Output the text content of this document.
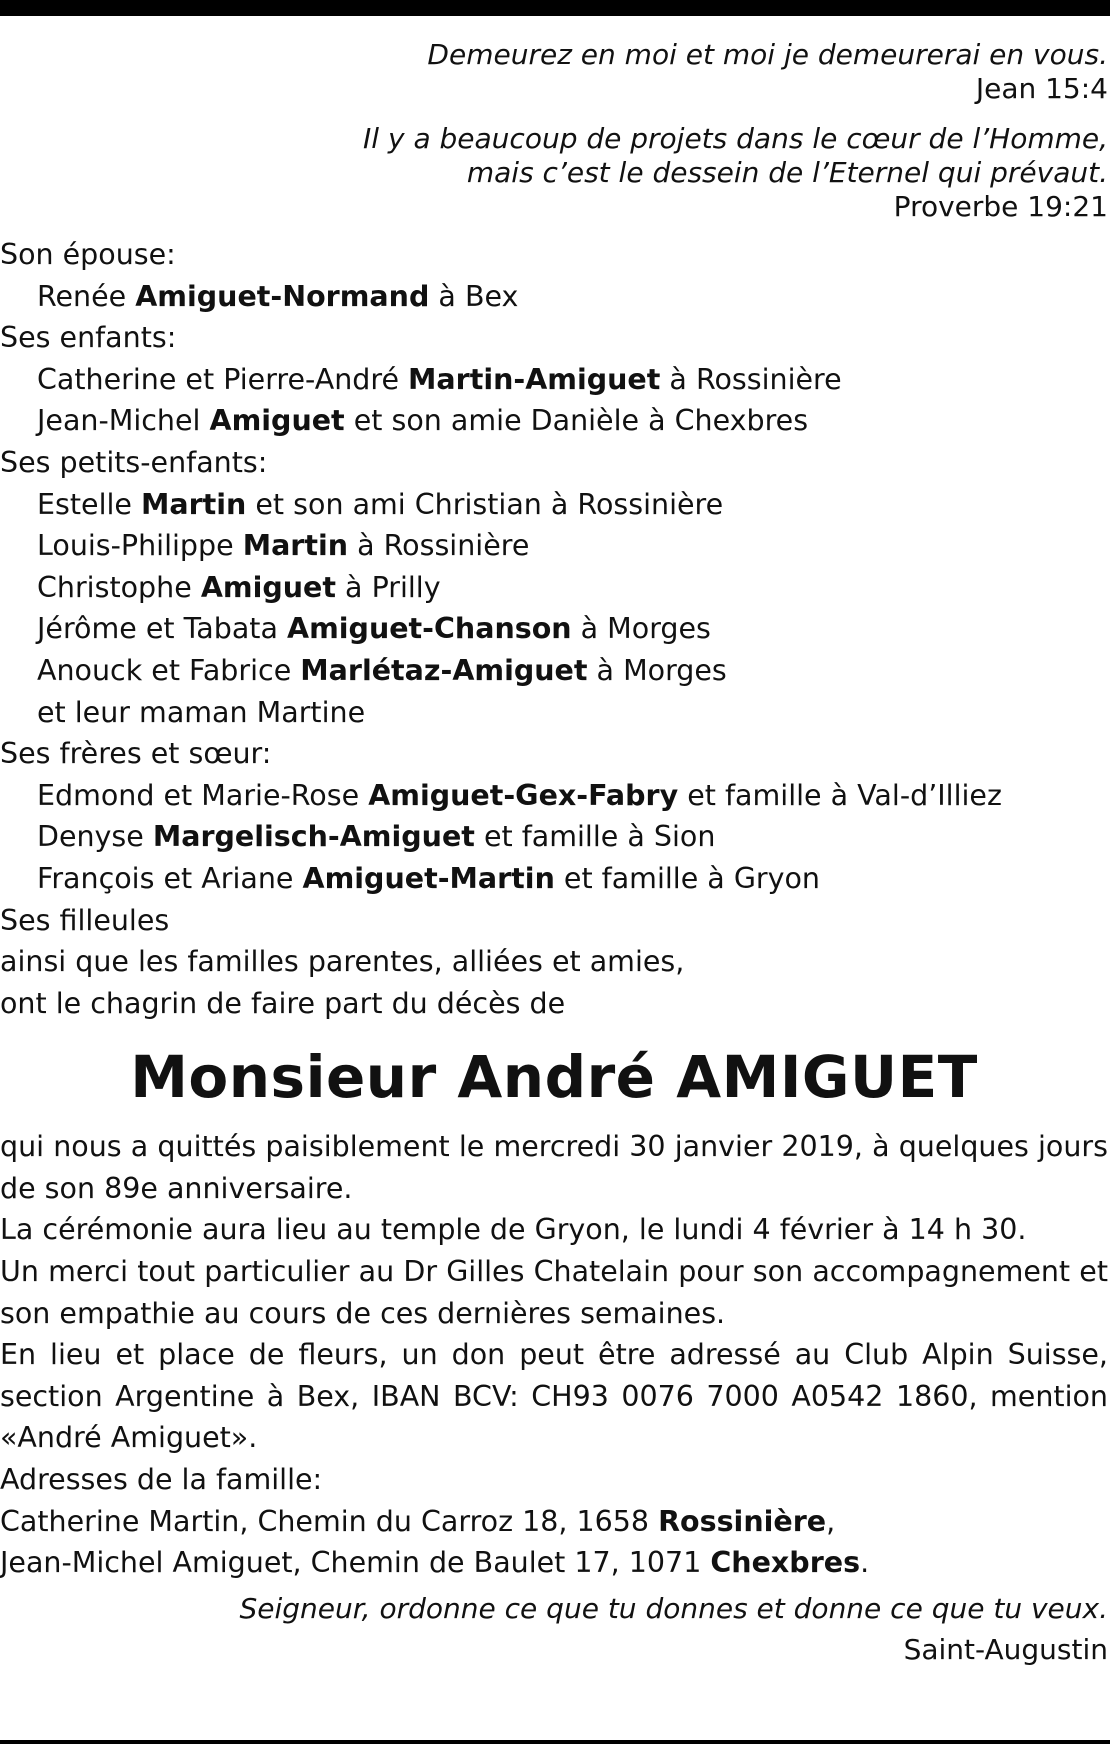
Demeurez en moi et moi je demeurerai en vous.
Jean 15:4
Il y a beaucoup de projets dans le cœur de l’Homme,
mais c’est le dessein de l’Eternel qui prévaut.
Proverbe 19:21
Son épouse:
Renée Amiguet-Normand à Bex
Ses enfants:
Catherine et Pierre-André Martin-Amiguet à Rossinière
Jean-Michel Amiguet et son amie Danièle à Chexbres
Ses petits-enfants:
Estelle Martin et son ami Christian à Rossinière
Louis-Philippe Martin à Rossinière
Christophe Amiguet à Prilly
Jérôme et Tabata Amiguet-Chanson à Morges
Anouck et Fabrice Marlétaz-Amiguet à Morges
et leur maman Martine
Ses frères et sœur:
Edmond et Marie-Rose Amiguet-Gex-Fabry et famille à Val-d’Illiez
Denyse Margelisch-Amiguet et famille à Sion
François et Ariane Amiguet-Martin et famille à Gryon
Ses filleules
ainsi que les familles parentes, alliées et amies,
ont le chagrin de faire part du décès de
Monsieur André AMIGUET

qui nous a quittés paisiblement le mercredi 30 janvier 2019, à quelques jours de son 89e anniversaire.

La cérémonie aura lieu au temple de Gryon, le lundi 4 février à 14 h 30.

Un merci tout particulier au Dr Gilles Chatelain pour son accompagnement et son empathie au cours de ces dernières semaines.

En lieu et place de fleurs, un don peut être adressé au Club Alpin Suisse, section Argentine à Bex, IBAN BCV: CH93 0076 7000 A0542 1860, mention «André Amiguet».

Adresses de la famille:

Catherine Martin, Chemin du Carroz 18, 1658 Rossinière,
Jean-Michel Amiguet, Chemin de Baulet 17, 1071 Chexbres.
Seigneur, ordonne ce que tu donnes et donne ce que tu veux.
Saint-Augustin
